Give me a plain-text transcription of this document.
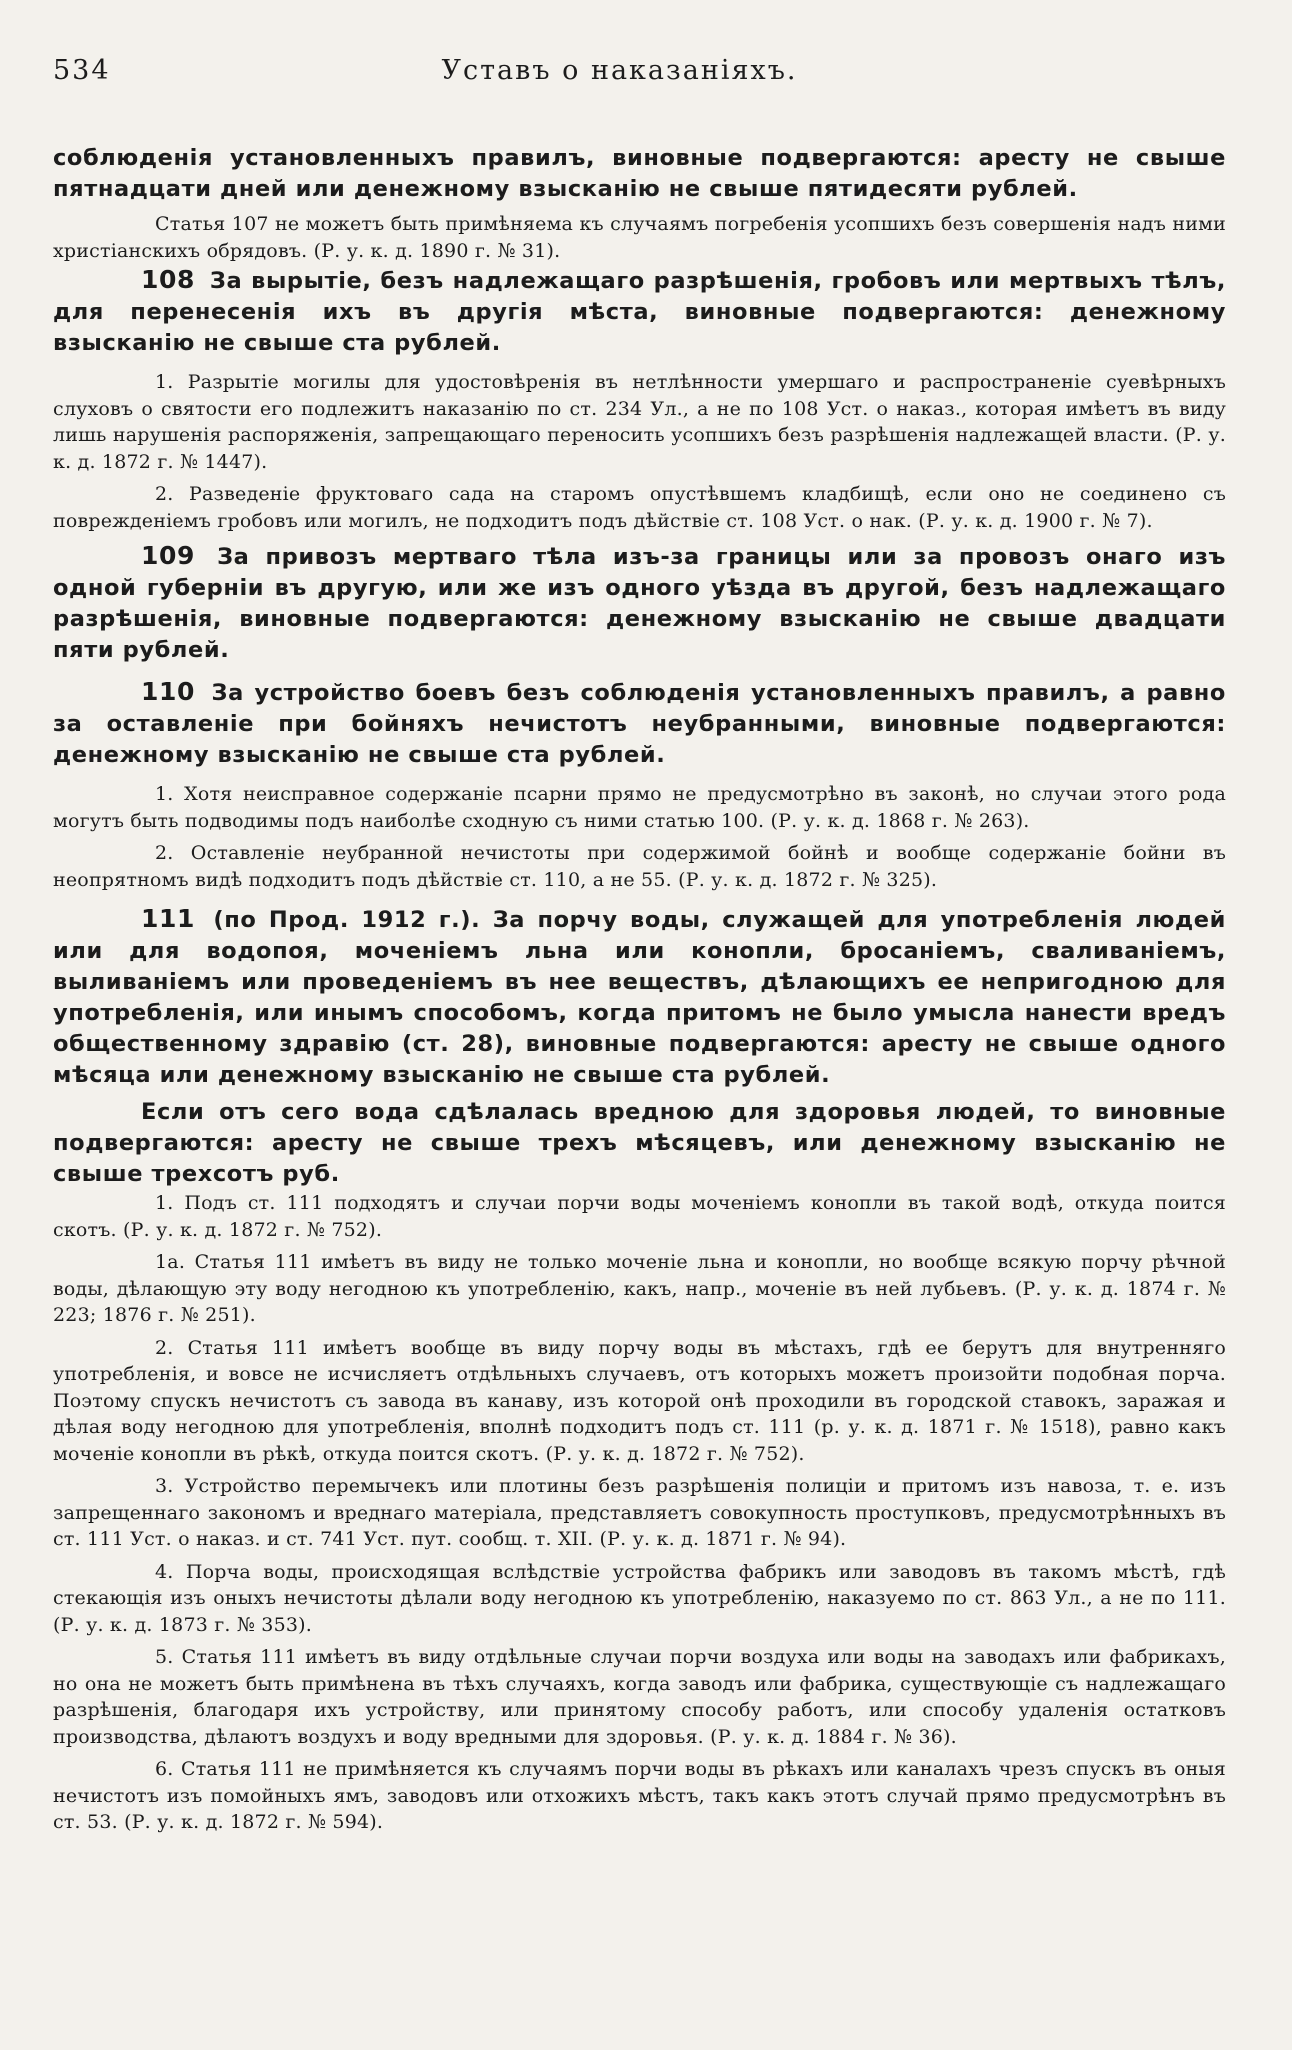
534	Уставъ о наказаніяхъ.

соблюденія установленныхъ правилъ, виновные подвергаются: аресту не свыше пятнадцати дней или денежному взысканію не свыше пятидесяти рублей.

Статья 107 не можетъ быть примѣняема къ случаямъ погребенія усопшихъ безъ совершенія надъ ними христіанскихъ обрядовъ. (Р. у. к. д. 1890 г. № 31).

108 За вырытіе, безъ надлежащаго разрѣшенія, гробовъ или мертвыхъ тѣлъ, для перенесенія ихъ въ другія мѣста, виновные подвергаются: денежному взысканію не свыше ста рублей.

1. Разрытіе могилы для удостовѣренія въ нетлѣнности умершаго и распространеніе суевѣрныхъ слуховъ о святости его подлежитъ наказанію по ст. 234 Ул., а не по 108 Уст. о наказ., которая имѣетъ въ виду лишь нарушенія распоряженія, запрещающаго переносить усопшихъ безъ разрѣшенія надлежащей власти. (Р. у. к. д. 1872 г. № 1447).

2. Разведеніе фруктоваго сада на старомъ опустѣвшемъ кладбищѣ, если оно не соединено съ поврежденіемъ гробовъ или могилъ, не подходитъ подъ дѣйствіе ст. 108 Уст. о нак. (Р. у. к. д. 1900 г. № 7).

109 За привозъ мертваго тѣла изъ-за границы или за провозъ онаго изъ одной губерніи въ другую, или же изъ одного уѣзда въ другой, безъ надлежащаго разрѣшенія, виновные подвергаются: денежному взысканію не свыше двадцати пяти рублей.

110 За устройство боевъ безъ соблюденія установленныхъ правилъ, а равно за оставленіе при бойняхъ нечистотъ неубранными, виновные подвергаются: денежному взысканію не свыше ста рублей.

1. Хотя неисправное содержаніе псарни прямо не предусмотрѣно въ законѣ, но случаи этого рода могутъ быть подводимы подъ наиболѣе сходную съ ними статью 100. (Р. у. к. д. 1868 г. № 263).

2. Оставленіе неубранной нечистоты при содержимой бойнѣ и вообще содержаніе бойни въ неопрятномъ видѣ подходитъ подъ дѣйствіе ст. 110, а не 55. (Р. у. к. д. 1872 г. № 325).

111 (по Прод. 1912 г.). За порчу воды, служащей для употребленія людей или для водопоя, моченіемъ льна или конопли, бросаніемъ, сваливаніемъ, выливаніемъ или проведеніемъ въ нее веществъ, дѣлающихъ ее непригодною для употребленія, или инымъ способомъ, когда притомъ не было умысла нанести вредъ общественному здравію (ст. 28), виновные подвергаются: аресту не свыше одного мѣсяца или денежному взысканію не свыше ста рублей.

Если отъ сего вода сдѣлалась вредною для здоровья людей, то виновные подвергаются: аресту не свыше трехъ мѣсяцевъ, или денежному взысканію не свыше трехсотъ руб.

1. Подъ ст. 111 подходятъ и случаи порчи воды моченіемъ конопли въ такой водѣ, откуда поится скотъ. (Р. у. к. д. 1872 г. № 752).

1а. Статья 111 имѣетъ въ виду не только моченіе льна и конопли, но вообще всякую порчу рѣчной воды, дѣлающую эту воду негодною къ употребленію, какъ, напр., моченіе въ ней лубьевъ. (Р. у. к. д. 1874 г. № 223; 1876 г. № 251).

2. Статья 111 имѣетъ вообще въ виду порчу воды въ мѣстахъ, гдѣ ее берутъ для внутренняго употребленія, и вовсе не исчисляетъ отдѣльныхъ случаевъ, отъ которыхъ можетъ произойти подобная порча. Поэтому спускъ нечистотъ съ завода въ канаву, изъ которой онѣ проходили въ городской ставокъ, заражая и дѣлая воду негодною для употребленія, вполнѣ подходитъ подъ ст. 111 (р. у. к. д. 1871 г. № 1518), равно какъ моченіе конопли въ рѣкѣ, откуда поится скотъ. (Р. у. к. д. 1872 г. № 752).

3. Устройство перемычекъ или плотины безъ разрѣшенія полиціи и притомъ изъ навоза, т. е. изъ запрещеннаго закономъ и вреднаго матеріала, представляетъ совокупность проступковъ, предусмотрѣнныхъ въ ст. 111 Уст. о наказ. и ст. 741 Уст. пут. сообщ. т. XII. (Р. у. к. д. 1871 г. № 94).

4. Порча воды, происходящая вслѣдствіе устройства фабрикъ или заводовъ въ такомъ мѣстѣ, гдѣ стекающія изъ оныхъ нечистоты дѣлали воду негодною къ употребленію, наказуемо по ст. 863 Ул., а не по 111. (Р. у. к. д. 1873 г. № 353).

5. Статья 111 имѣетъ въ виду отдѣльные случаи порчи воздуха или воды на заводахъ или фабрикахъ, но она не можетъ быть примѣнена въ тѣхъ случаяхъ, когда заводъ или фабрика, существующіе съ надлежащаго разрѣшенія, благодаря ихъ устройству, или принятому способу работъ, или способу удаленія остатковъ производства, дѣлаютъ воздухъ и воду вредными для здоровья. (Р. у. к. д. 1884 г. № 36).

6. Статья 111 не примѣняется къ случаямъ порчи воды въ рѣкахъ или каналахъ чрезъ спускъ въ оныя нечистотъ изъ помойныхъ ямъ, заводовъ или отхожихъ мѣстъ, такъ какъ этотъ случай прямо предусмотрѣнъ въ ст. 53. (Р. у. к. д. 1872 г. № 594).
